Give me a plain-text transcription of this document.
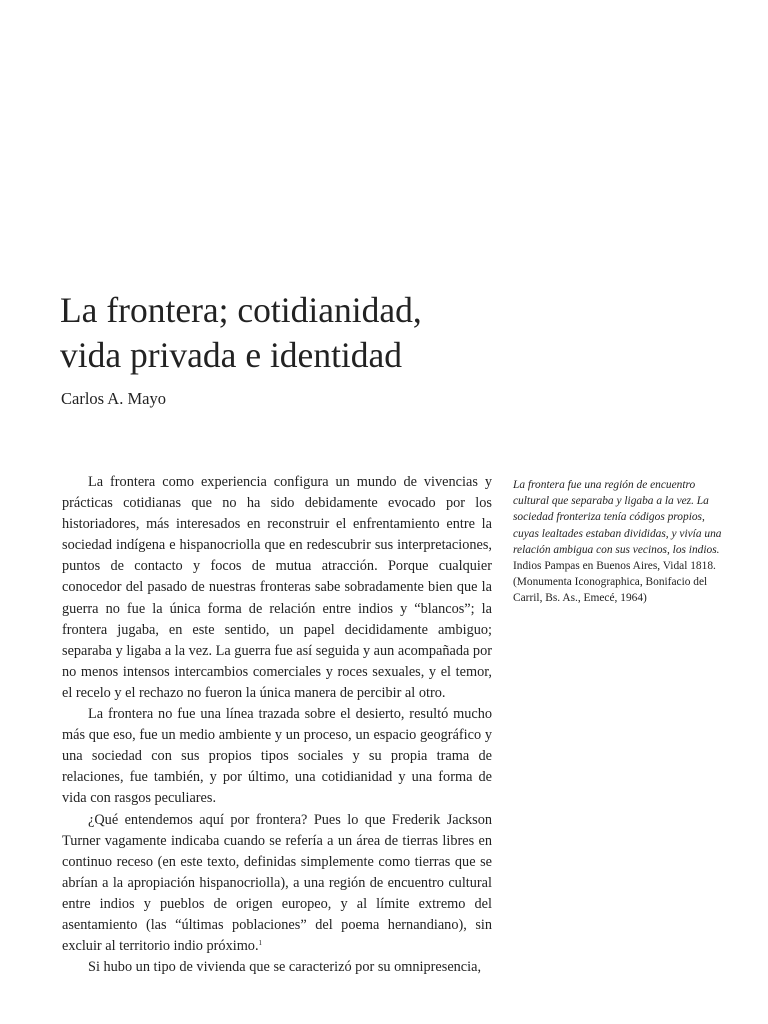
La frontera; cotidianidad,
vida privada e identidad
Carlos A. Mayo

La frontera como experiencia configura un mundo de vivencias y prácticas cotidianas que no ha sido debidamente evocado por los historiadores, más interesados en reconstruir el enfrentamiento entre la sociedad indígena e hispanocriolla que en redescubrir sus interpretaciones, puntos de contacto y focos de mutua atracción. Porque cualquier conocedor del pasado de nuestras fronteras sabe sobradamente bien que la guerra no fue la única forma de relación entre indios y “blancos”; la frontera jugaba, en este sentido, un papel decididamente ambiguo; separaba y ligaba a la vez. La guerra fue así seguida y aun acompañada por no menos intensos intercambios comerciales y roces sexuales, y el temor, el recelo y el rechazo no fueron la única manera de percibir al otro.

La frontera no fue una línea trazada sobre el desierto, resultó mucho más que eso, fue un medio ambiente y un proceso, un espacio geográfico y una sociedad con sus propios tipos sociales y su propia trama de relaciones, fue también, y por último, una cotidianidad y una forma de vida con rasgos peculiares.

¿Qué entendemos aquí por frontera? Pues lo que Frederik Jackson Turner vagamente indicaba cuando se refería a un área de tierras libres en continuo receso (en este texto, definidas simplemente como tierras que se abrían a la apropiación hispanocriolla), a una región de encuentro cultural entre indios y pueblos de origen europeo, y al límite extremo del asentamiento (las “últimas poblaciones” del poema hernandiano), sin excluir al territorio indio próximo.$^1$

Si hubo un tipo de vivienda que se caracterizó por su omnipresencia,

La frontera fue una región de encuentro cultural que separaba y ligaba a la vez. La sociedad fronteriza tenía códigos propios, cuyas lealtades estaban divididas, y vivía una relación ambigua con sus vecinos, los indios. Indios Pampas en Buenos Aires, Vidal 1818. (Monumenta Iconographica, Bonifacio del Carril, Bs. As., Emecé, 1964)
